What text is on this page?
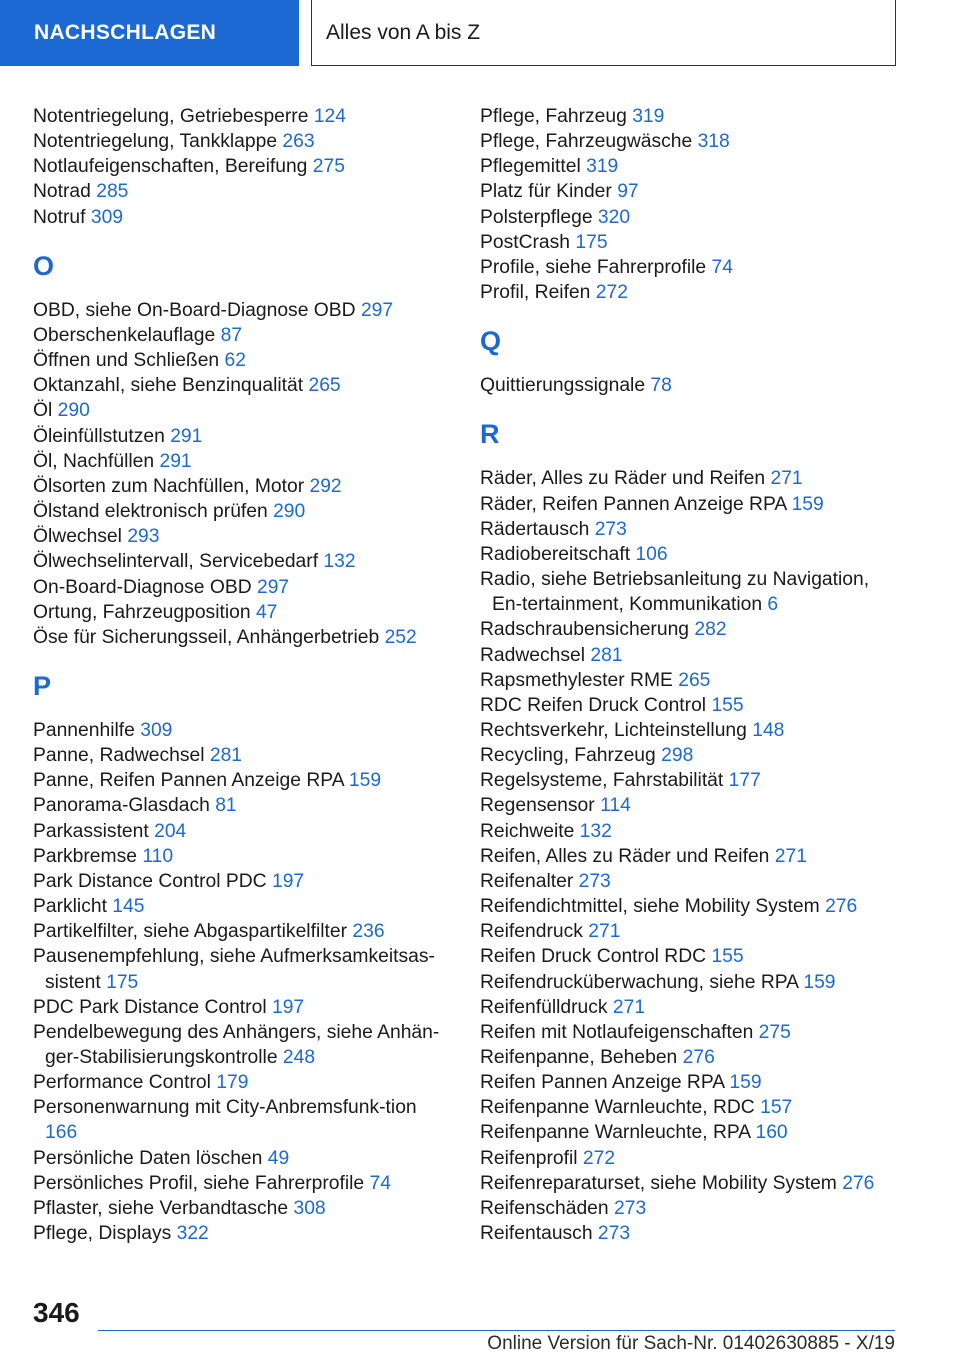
NACHSCHLAGEN	Alles von A bis Z
Notentriegelung, Getriebesperre 124
Notentriegelung, Tankklappe 263
Notlaufeigenschaften, Bereifung 275
Notrad 285
Notruf 309
O
OBD, siehe On-Board-Diagnose OBD 297
Oberschenkelauflage 87
Öffnen und Schließen 62
Oktanzahl, siehe Benzinqualität 265
Öl 290
Öleinfüllstutzen 291
Öl, Nachfüllen 291
Ölsorten zum Nachfüllen, Motor 292
Ölstand elektronisch prüfen 290
Ölwechsel 293
Ölwechselintervall, Servicebedarf 132
On-Board-Diagnose OBD 297
Ortung, Fahrzeugposition 47
Öse für Sicherungsseil, Anhängerbetrieb 252
P
Pannenhilfe 309
Panne, Radwechsel 281
Panne, Reifen Pannen Anzeige RPA 159
Panorama-Glasdach 81
Parkassistent 204
Parkbremse 110
Park Distance Control PDC 197
Parklicht 145
Partikelfilter, siehe Abgaspartikelfilter 236
Pausenempfehlung, siehe Aufmerksamkeitsas-sistent 175
PDC Park Distance Control 197
Pendelbewegung des Anhängers, siehe Anhän-ger-Stabilisierungskontrolle 248
Performance Control 179
Personenwarnung mit City-Anbremsfunk-tion 166
Persönliche Daten löschen 49
Persönliches Profil, siehe Fahrerprofile 74
Pflaster, siehe Verbandtasche 308
Pflege, Displays 322
Pflege, Fahrzeug 319
Pflege, Fahrzeugwäsche 318
Pflegemittel 319
Platz für Kinder 97
Polsterpflege 320
PostCrash 175
Profile, siehe Fahrerprofile 74
Profil, Reifen 272
Q
Quittierungssignale 78
R
Räder, Alles zu Räder und Reifen 271
Räder, Reifen Pannen Anzeige RPA 159
Rädertausch 273
Radiobereitschaft 106
Radio, siehe Betriebsanleitung zu Navigation, En-tertainment, Kommunikation 6
Radschraubensicherung 282
Radwechsel 281
Rapsmethylester RME 265
RDC Reifen Druck Control 155
Rechtsverkehr, Lichteinstellung 148
Recycling, Fahrzeug 298
Regelsysteme, Fahrstabilität 177
Regensensor 114
Reichweite 132
Reifen, Alles zu Räder und Reifen 271
Reifenalter 273
Reifendichtmittel, siehe Mobility System 276
Reifendruck 271
Reifen Druck Control RDC 155
Reifendrucküberwachung, siehe RPA 159
Reifenfülldruck 271
Reifen mit Notlaufeigenschaften 275
Reifenpanne, Beheben 276
Reifen Pannen Anzeige RPA 159
Reifenpanne Warnleuchte, RDC 157
Reifenpanne Warnleuchte, RPA 160
Reifenprofil 272
Reifenreparaturset, siehe Mobility System 276
Reifenschäden 273
Reifentausch 273
346
Online Version für Sach-Nr. 01402630885 - X/19
